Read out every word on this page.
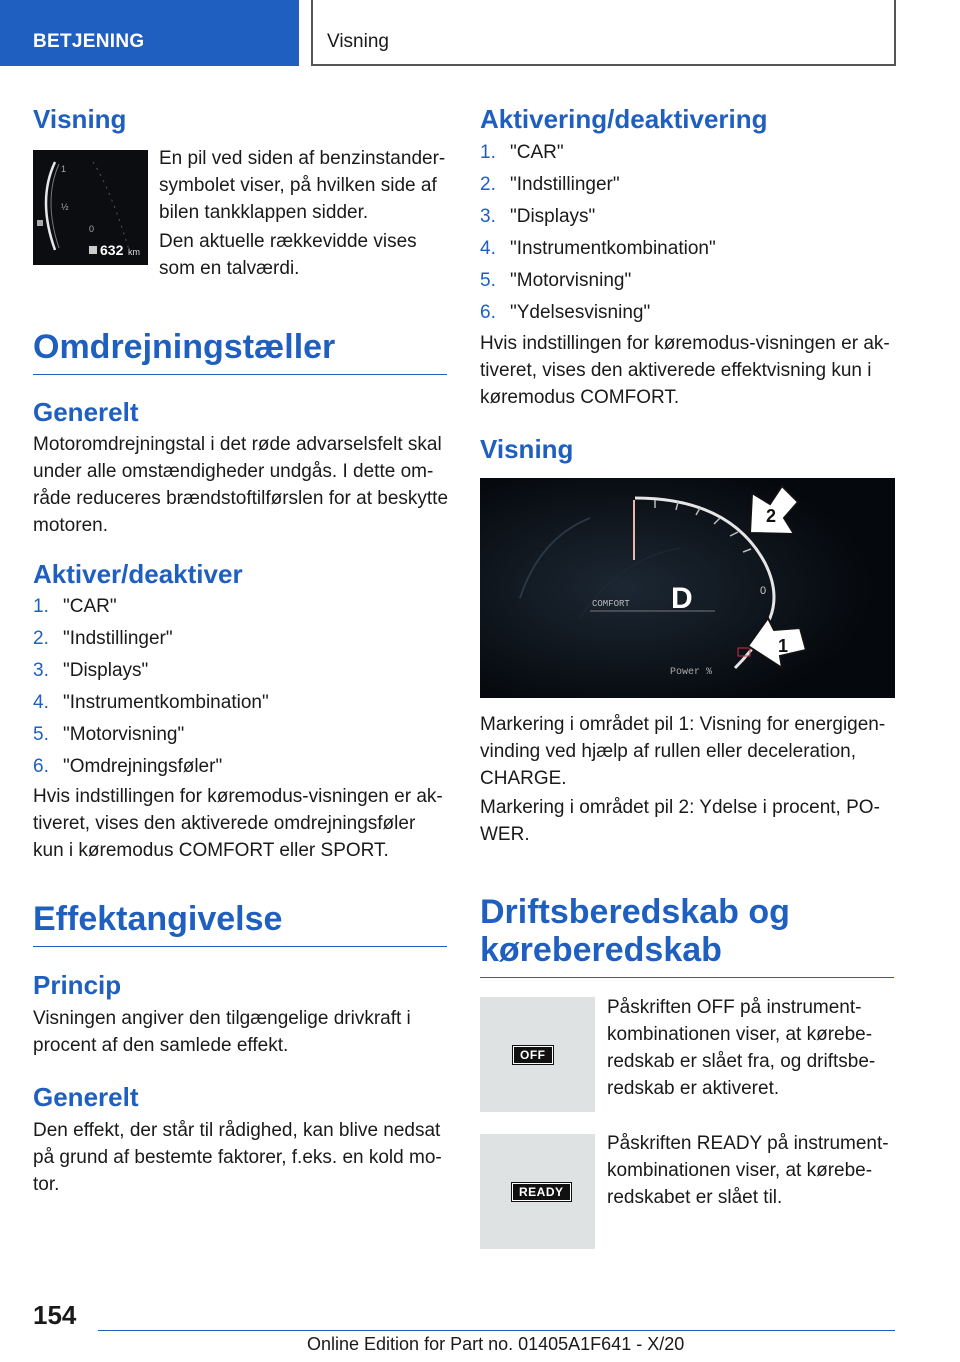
BETJENING	Visning
Visning
1
½
0
632 km

En pil ved siden af benzinstandersymbolet viser, på hvilken side af bilen tankklappen sidder.

Den aktuelle rækkevidde vises som en talværdi.

Omdrejningstæller
Generelt

Motoromdrejningstal i det røde advarselsfelt skal under alle omstændigheder undgås. I dette område reduceres brændstoftilførslen for at beskytte motoren.

Aktiver/deaktiver
1. "CAR"
2. "Indstillinger"
3. "Displays"
4. "Instrumentkombination"
5. "Motorvisning"
6. "Omdrejningsføler"

Hvis indstillingen for køremodus-visningen er aktiveret, vises den aktiverede omdrejningsføler kun i køremodus COMFORT eller SPORT.

Effektangivelse
Princip

Visningen angiver den tilgængelige drivkraft i procent af den samlede effekt.

Generelt

Den effekt, der står til rådighed, kan blive nedsat på grund af bestemte faktorer, f.eks. en kold motor.

Aktivering/deaktivering
1. "CAR"
2. "Indstillinger"
3. "Displays"
4. "Instrumentkombination"
5. "Motorvisning"
6. "Ydelsesvisning"

Hvis indstillingen for køremodus-visningen er aktiveret, vises den aktiverede effektvisning kun i køremodus COMFORT.

Visning
D
COMFORT
0
Power %
2
1

Markering i området pil 1: Visning for energigenvinding ved hjælp af rullen eller deceleration, CHARGE.

Markering i området pil 2: Ydelse i procent, POWER.

Driftsberedskab og køreberedskab
OFF

Påskriften OFF på instrumentkombinationen viser, at køreberedskab er slået fra, og driftsberedskab er aktiveret.

READY

Påskriften READY på instrumentkombinationen viser, at køreberedskabet er slået til.

154
Online Edition for Part no. 01405A1F641 - X/20
